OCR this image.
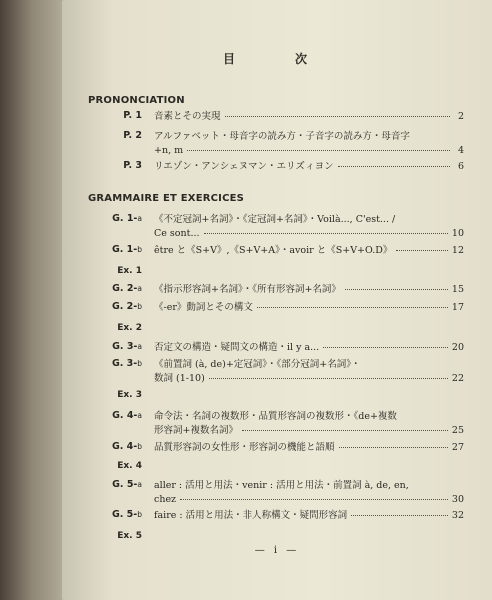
目　次
PRONONCIATION
GRAMMAIRE ET EXERCICES
P. 1 音素とその実現	2
P. 2 アルファベット・母音字の読み方・子音字の読み方・母音字
+n, m	4
P. 3 リエゾン・アンシェヌマン・エリズィヨン	6
G. 1-a 《不定冠詞+名詞》・《定冠詞+名詞》・Voilà..., C'est... /
Ce sont...	10
G. 1-b être と《S+V》,《S+V+A》・avoir と《S+V+O.D》	12
Ex. 1
G. 2-a 《指示形容詞+名詞》・《所有形容詞+名詞》	15
G. 2-b 《-er》動詞とその構文	17
Ex. 2
G. 3-a 否定文の構造・疑問文の構造・il y a...	20
G. 3-b 《前置詞 (à, de)+定冠詞》・《部分冠詞+名詞》・
数詞 (1-10)	22
Ex. 3
G. 4-a 命令法・名詞の複数形・品質形容詞の複数形・《de+複数
形容詞+複数名詞》	25
G. 4-b 品質形容詞の女性形・形容詞の機能と語順	27
Ex. 4
G. 5-a aller : 活用と用法・venir : 活用と用法・前置詞 à, de, en,
chez	30
G. 5-b faire : 活用と用法・非人称構文・疑問形容詞	32
Ex. 5
— i —
